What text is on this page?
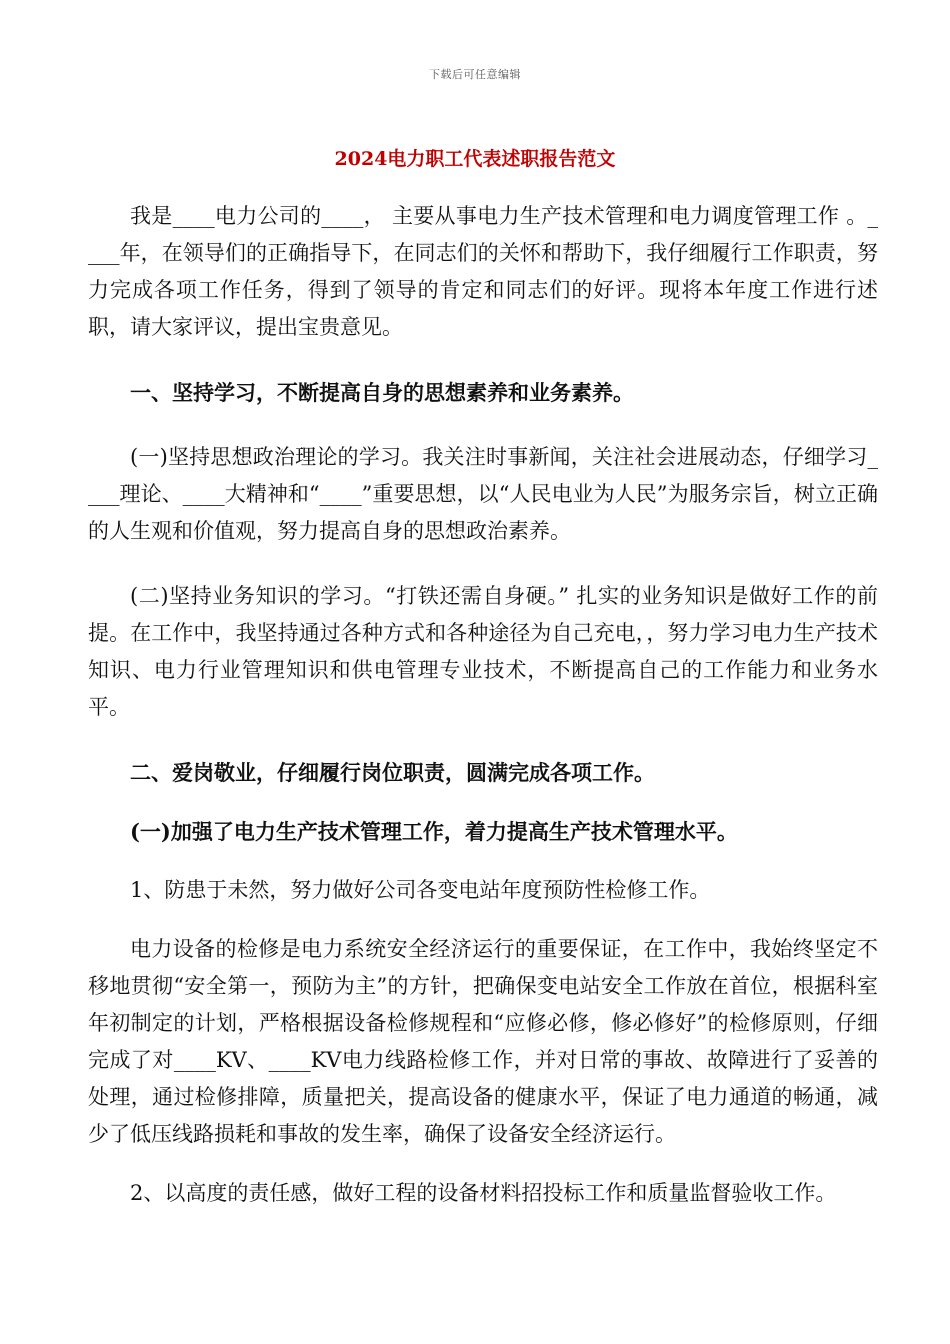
下载后可任意编辑
2024电力职工代表述职报告范文

我是____电力公司的____， 主要从事电力生产技术管理和电力调度管理工作 。____年，在领导们的正确指导下，在同志们的关怀和帮助下，我仔细履行工作职责，努力完成各项工作任务，得到了领导的肯定和同志们的好评。现将本年度工作进行述职，请大家评议，提出宝贵意见。

一、坚持学习，不断提高自身的思想素养和业务素养。

(一)坚持思想政治理论的学习。我关注时事新闻，关注社会进展动态，仔细学习____理论、____大精神和“____”重要思想，以“人民电业为人民”为服务宗旨，树立正确的人生观和价值观，努力提高自身的思想政治素养。

(二)坚持业务知识的学习。“打铁还需自身硬。” 扎实的业务知识是做好工作的前提。在工作中，我坚持通过各种方式和各种途径为自己充电，，努力学习电力生产技术知识、电力行业管理知识和供电管理专业技术，不断提高自己的工作能力和业务水平。

二、爱岗敬业，仔细履行岗位职责，圆满完成各项工作。

(一)加强了电力生产技术管理工作，着力提高生产技术管理水平。

1、防患于未然，努力做好公司各变电站年度预防性检修工作。

电力设备的检修是电力系统安全经济运行的重要保证，在工作中，我始终坚定不移地贯彻“安全第一，预防为主”的方针，把确保变电站安全工作放在首位，根据科室年初制定的计划，严格根据设备检修规程和“应修必修，修必修好”的检修原则，仔细完成了对____KV、____KV电力线路检修工作，并对日常的事故、故障进行了妥善的处理，通过检修排障，质量把关，提高设备的健康水平，保证了电力通道的畅通，减少了低压线路损耗和事故的发生率，确保了设备安全经济运行。

2、以高度的责任感，做好工程的设备材料招投标工作和质量监督验收工作。
